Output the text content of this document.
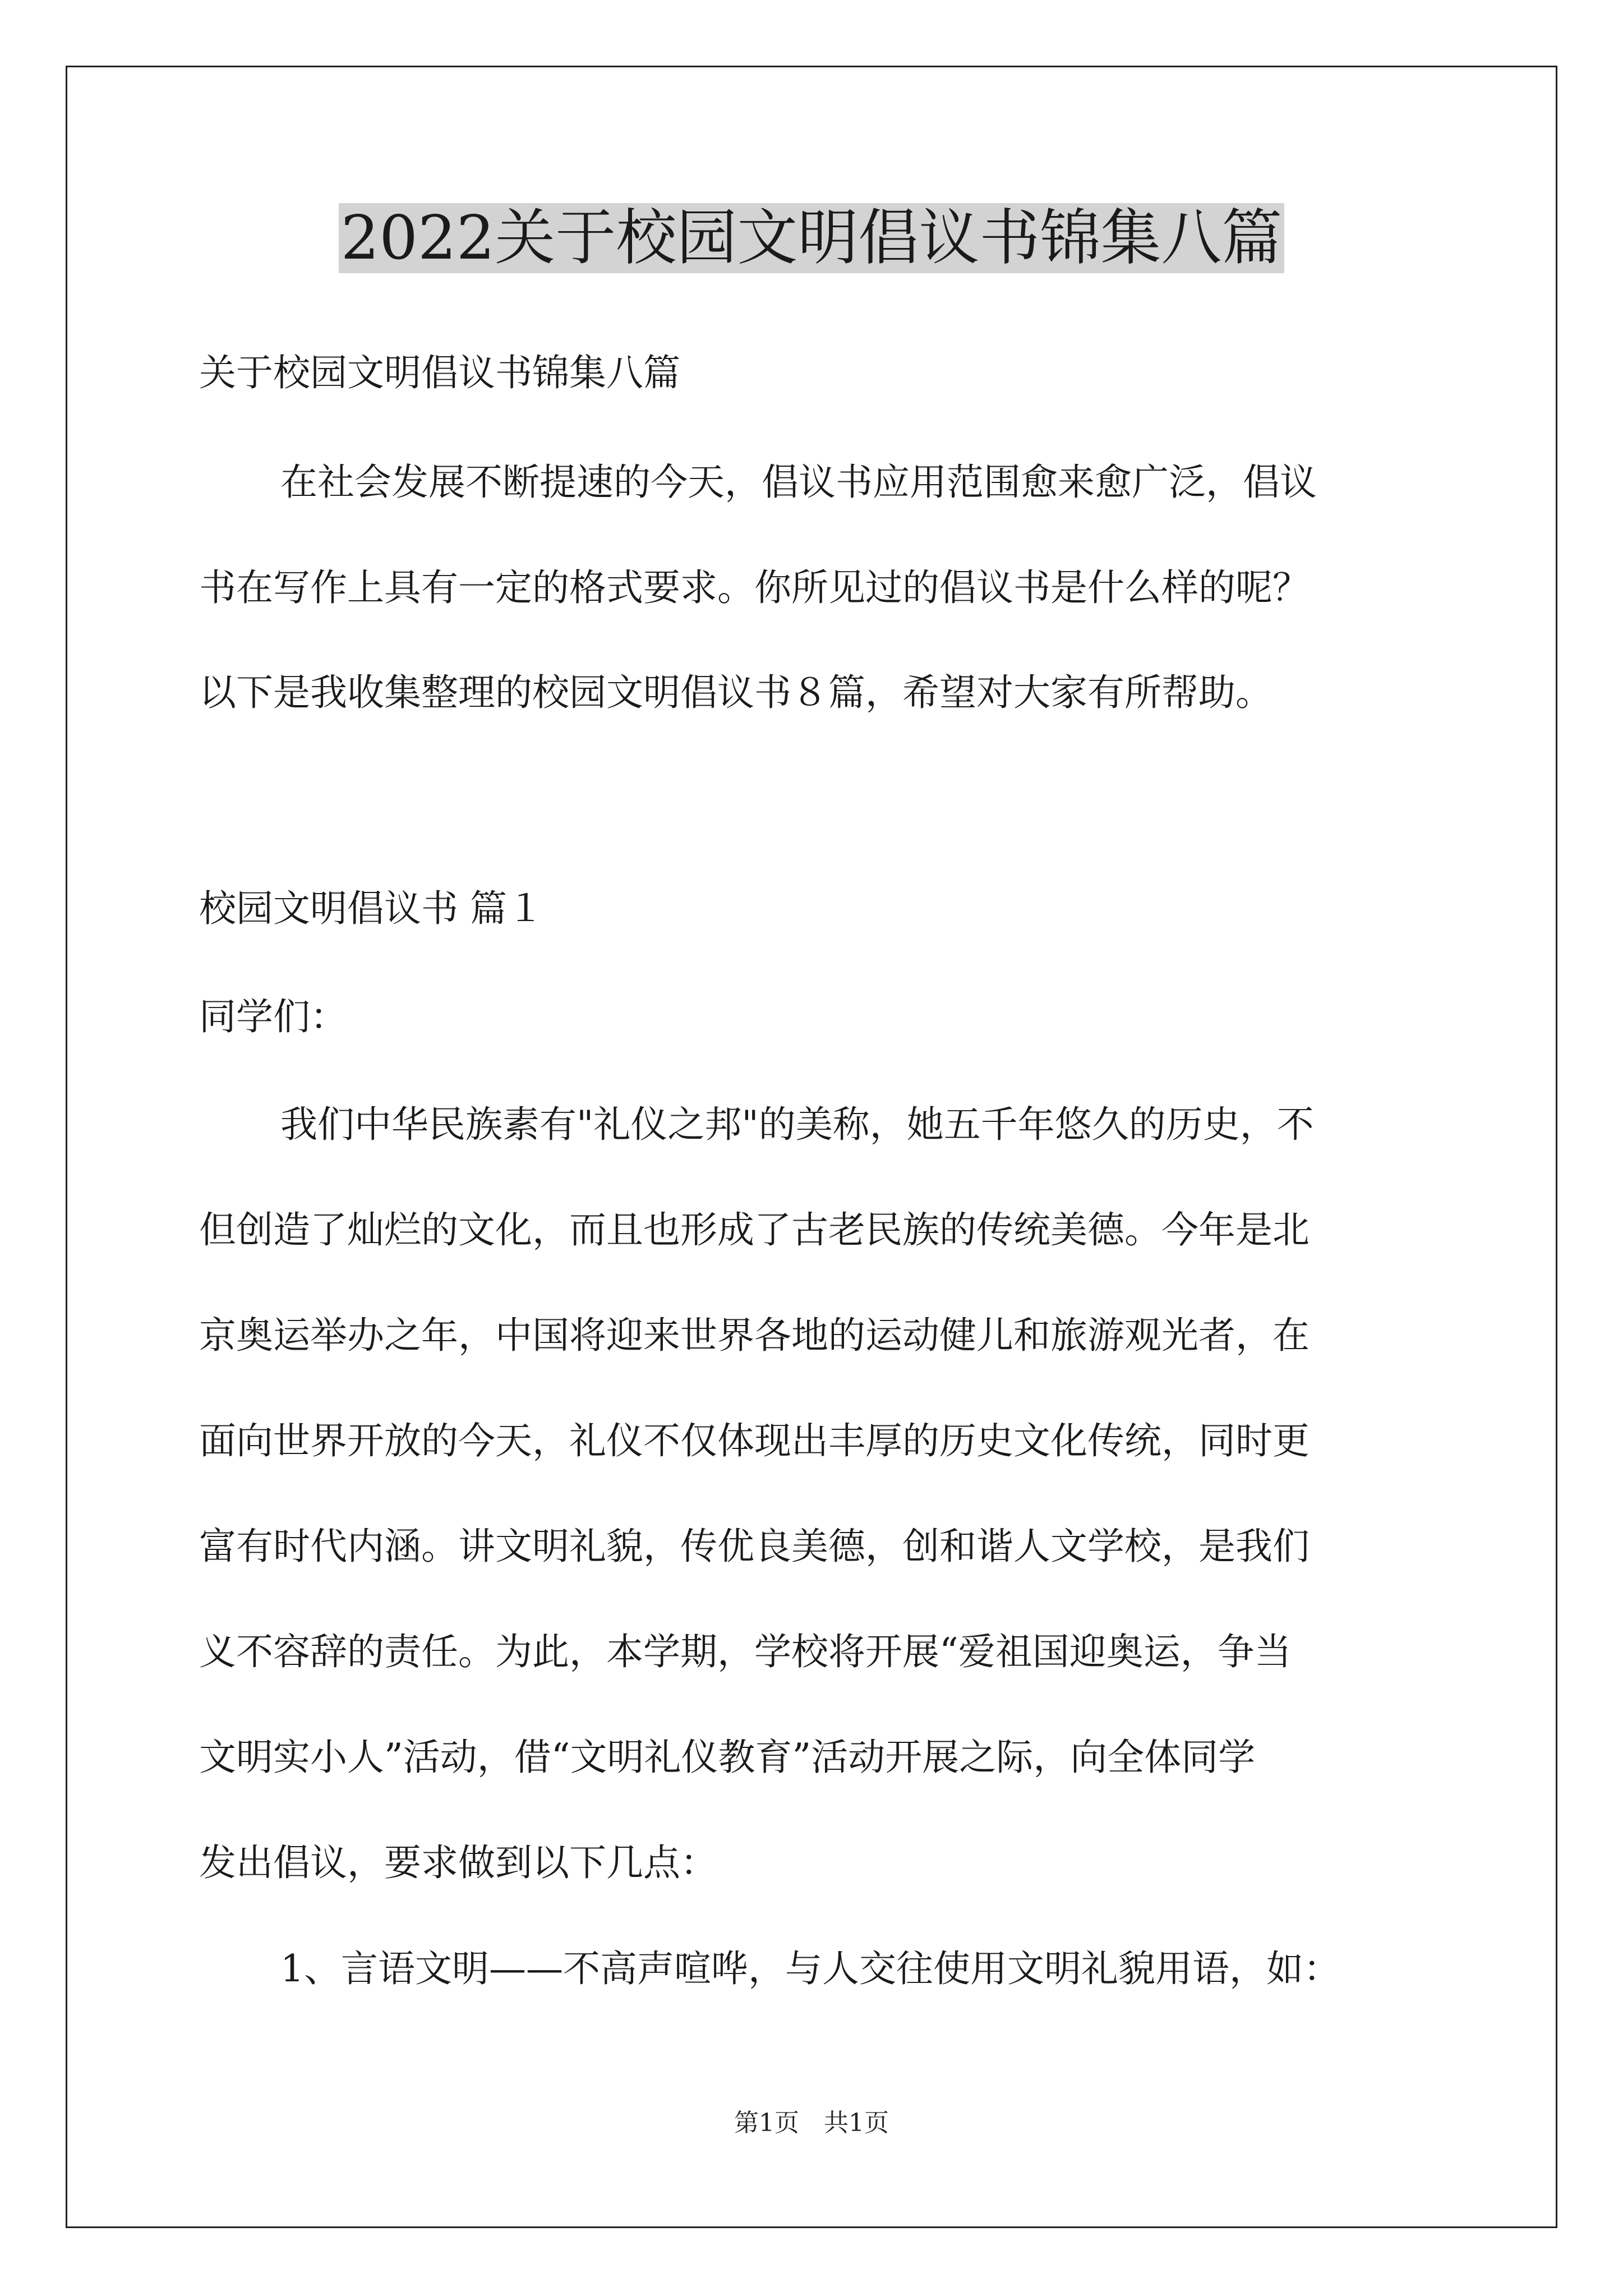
2022关于校园文明倡议书锦集八篇
关于校园文明倡议书锦集八篇
在社会发展不断提速的今天，倡议书应用范围愈来愈广泛，倡议
书在写作上具有一定的格式要求。你所见过的倡议书是什么样的呢？
以下是我收集整理的校园文明倡议书８篇，希望对大家有所帮助。
校园文明倡议书 篇１
同学们：
我们中华民族素有"礼仪之邦"的美称，她五千年悠久的历史，不
但创造了灿烂的文化，而且也形成了古老民族的传统美德。今年是北
京奥运举办之年，中国将迎来世界各地的运动健儿和旅游观光者，在
面向世界开放的今天，礼仪不仅体现出丰厚的历史文化传统，同时更
富有时代内涵。讲文明礼貌，传优良美德，创和谐人文学校，是我们
义不容辞的责任。为此，本学期，学校将开展“爱祖国迎奥运，争当
文明实小人”活动，借“文明礼仪教育”活动开展之际，向全体同学
发出倡议，要求做到以下几点：
1、言语文明——不高声喧哗，与人交往使用文明礼貌用语，如：
第1页　共1页
